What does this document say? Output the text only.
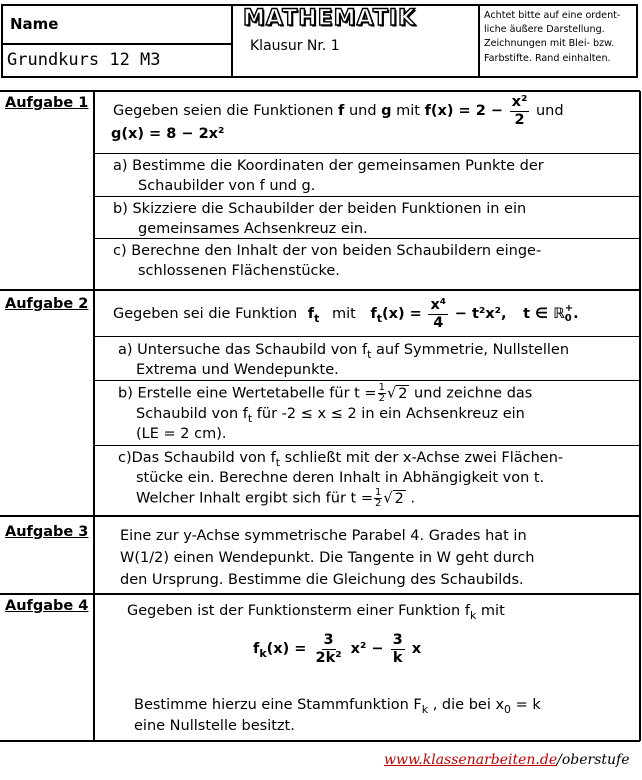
Name
Grundkurs 12 M3
MATHEMATIK
Klausur Nr. 1
Achtet bitte auf eine ordent-
liche äußere Darstellung.
Zeichnungen mit Blei- bzw.
Farbstifte. Rand einhalten.
Aufgabe 1 Gegeben seien die Funktionen f und g mit $f(x) = 2 - \frac{\text{x²}}{2}$ und
g(x) = 8 − 2x²
a) Bestimme die Koordinaten der gemeinsamen Punkte der
Schaubilder von f und g.
b) Skizziere die Schaubilder der beiden Funktionen in ein
gemeinsames Achsenkreuz ein.
c) Berechne den Inhalt der von beiden Schaubildern einge-
schlossenen Flächenstücke.
Aufgabe 2
Gegeben sei die Funktion $f_t$ mit $f_t(x) = \frac{\text{x⁴}}{4} - t^2x^2$, t ∈ ℝ +
0 .
a) Untersuche das Schaubild von $f_t$ auf Symmetrie, Nullstellen
Extrema und Wendepunkte.
b) Erstelle eine Wertetabelle für $t = \frac{1}{2}$ √ 2 und zeichne das
Schaubild von $f_t$ für -2 ≤ x ≤ 2 in ein Achsenkreuz ein
(LE = 2 cm).
c)Das Schaubild von $f_t$ schließt mit der x-Achse zwei Flächen-
stücke ein. Berechne deren Inhalt in Abhängigkeit von t.
Welcher Inhalt ergibt sich für $t = \frac{1}{2}$ √ 2 .
Aufgabe 3 Eine zur y-Achse symmetrische Parabel 4. Grades hat in
W(1/2) einen Wendepunkt. Die Tangente in W geht durch
den Ursprung. Bestimme die Gleichung des Schaubilds.
Aufgabe 4	Gegeben ist der Funktionsterm einer Funktion $f_k$ mit
$f_k(x) = \frac{3}{\text{2k²}} x^2 - \frac{3}{k}$ x
Bestimme hierzu eine Stammfunktion $F_k$ , die bei $x_0 = k$
eine Nullstelle besitzt.
www.klassenarbeiten.de/oberstufe
